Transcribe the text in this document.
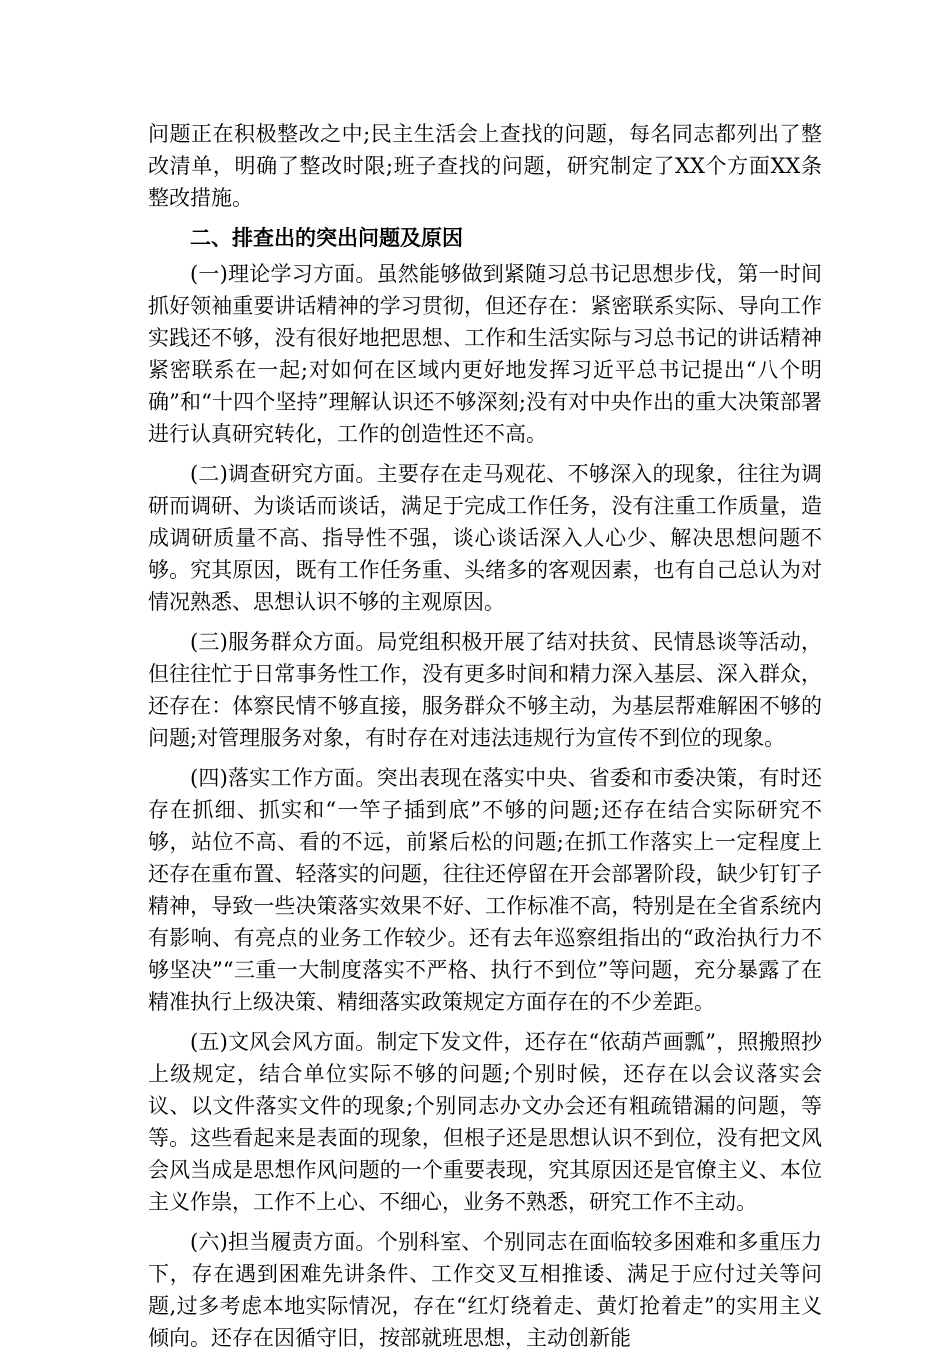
问题正在积极整改之中;民主生活会上查找的问题，每名同志都列出了整改清单，明确了整改时限;班子查找的问题，研究制定了XX个方面XX条整改措施。

二、排查出的突出问题及原因

(一)理论学习方面。虽然能够做到紧随习总书记思想步伐，第一时间抓好领袖重要讲话精神的学习贯彻，但还存在：紧密联系实际、导向工作实践还不够，没有很好地把思想、工作和生活实际与习总书记的讲话精神紧密联系在一起;对如何在区域内更好地发挥习近平总书记提出“八个明确”和“十四个坚持”理解认识还不够深刻;没有对中央作出的重大决策部署进行认真研究转化，工作的创造性还不高。

(二)调查研究方面。主要存在走马观花、不够深入的现象，往往为调研而调研、为谈话而谈话，满足于完成工作任务，没有注重工作质量，造成调研质量不高、指导性不强，谈心谈话深入人心少、解决思想问题不够。究其原因，既有工作任务重、头绪多的客观因素，也有自己总认为对情况熟悉、思想认识不够的主观原因。

(三)服务群众方面。局党组积极开展了结对扶贫、民情恳谈等活动，但往往忙于日常事务性工作，没有更多时间和精力深入基层、深入群众，还存在：体察民情不够直接，服务群众不够主动，为基层帮难解困不够的问题;对管理服务对象，有时存在对违法违规行为宣传不到位的现象。

(四)落实工作方面。突出表现在落实中央、省委和市委决策，有时还存在抓细、抓实和“一竿子插到底”不够的问题;还存在结合实际研究不够，站位不高、看的不远，前紧后松的问题;在抓工作落实上一定程度上还存在重布置、轻落实的问题，往往还停留在开会部署阶段，缺少钉钉子精神，导致一些决策落实效果不好、工作标准不高，特别是在全省系统内有影响、有亮点的业务工作较少。还有去年巡察组指出的“政治执行力不够坚决”“三重一大制度落实不严格、执行不到位”等问题，充分暴露了在精准执行上级决策、精细落实政策规定方面存在的不少差距。

(五)文风会风方面。制定下发文件，还存在“依葫芦画瓢”，照搬照抄上级规定，结合单位实际不够的问题;个别时候，还存在以会议落实会议、以文件落实文件的现象;个别同志办文办会还有粗疏错漏的问题，等等。这些看起来是表面的现象，但根子还是思想认识不到位，没有把文风会风当成是思想作风问题的一个重要表现，究其原因还是官僚主义、本位主义作祟，工作不上心、不细心，业务不熟悉，研究工作不主动。

(六)担当履责方面。个别科室、个别同志在面临较多困难和多重压力下，存在遇到困难先讲条件、工作交叉互相推诿、满足于应付过关等问题,过多考虑本地实际情况，存在“红灯绕着走、黄灯抢着走”的实用主义倾向。还存在因循守旧，按部就班思想，主动创新能
